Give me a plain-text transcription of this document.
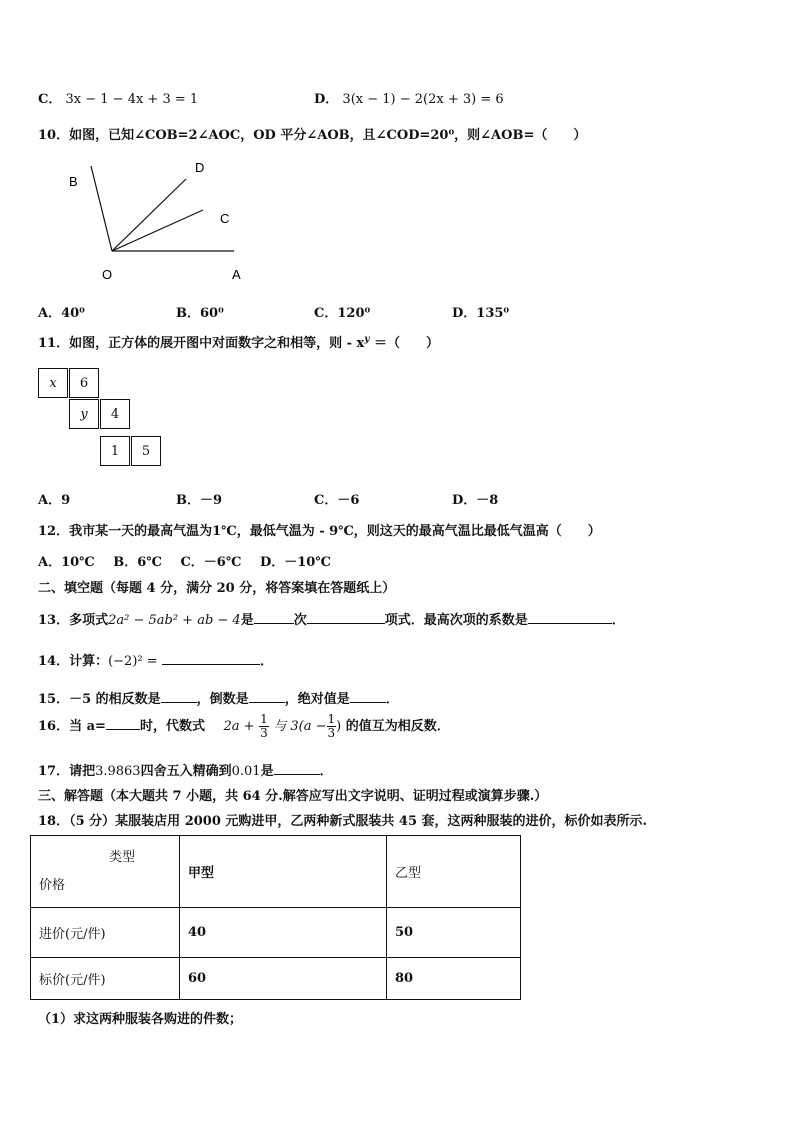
C． 3x − 1 − 4x + 3 = 1	D． 3(x − 1) − 2(2x + 3) = 6
10．如图，已知∠COB=2∠AOC，OD 平分∠AOB，且∠COD=20⁰，则∠AOB=（　　）
B
D
C
O	A
A．40⁰	B．60⁰	C．120⁰	D．135⁰
11．如图，正方体的展开图中对面数字之和相等，则 - $x^y$ ＝（　　）
x	6
y	4
1	5
A．9	B．－9	C．－6	D．－8
12．我市某一天的最高气温为1℃，最低气温为 - 9℃，则这天的最高气温比最低气温高（　　）
A．10℃ B．6℃ C．－6℃ D．－10℃
二、填空题（每题 4 分，满分 20 分，将答案填在答题纸上）
13．多项式2a² − 5ab² + ab − 4是	次	项式．最高次项的系数是	．
14．计算：(−2)² =	．
15．－5 的相反数是	，倒数是	，绝对值是	．
16．当 a=	时，代数式 $2a + \frac{1}{3}$ 与 $3(a - \frac{1}{3}$ ) 的值互为相反数．
17．请把3.9863四舍五入精确到0.01是	．
三、解答题（本大题共 7 小题，共 64 分.解答应写出文字说明、证明过程或演算步骤.）
18．（5 分）某服装店用 2000 元购进甲，乙两种新式服装共 45 套，这两种服装的进价，标价如表所示.
类型
价格	甲型	乙型
进价(元/件)	40	50
标价(元/件)	60	80
（1）求这两种服装各购进的件数；
